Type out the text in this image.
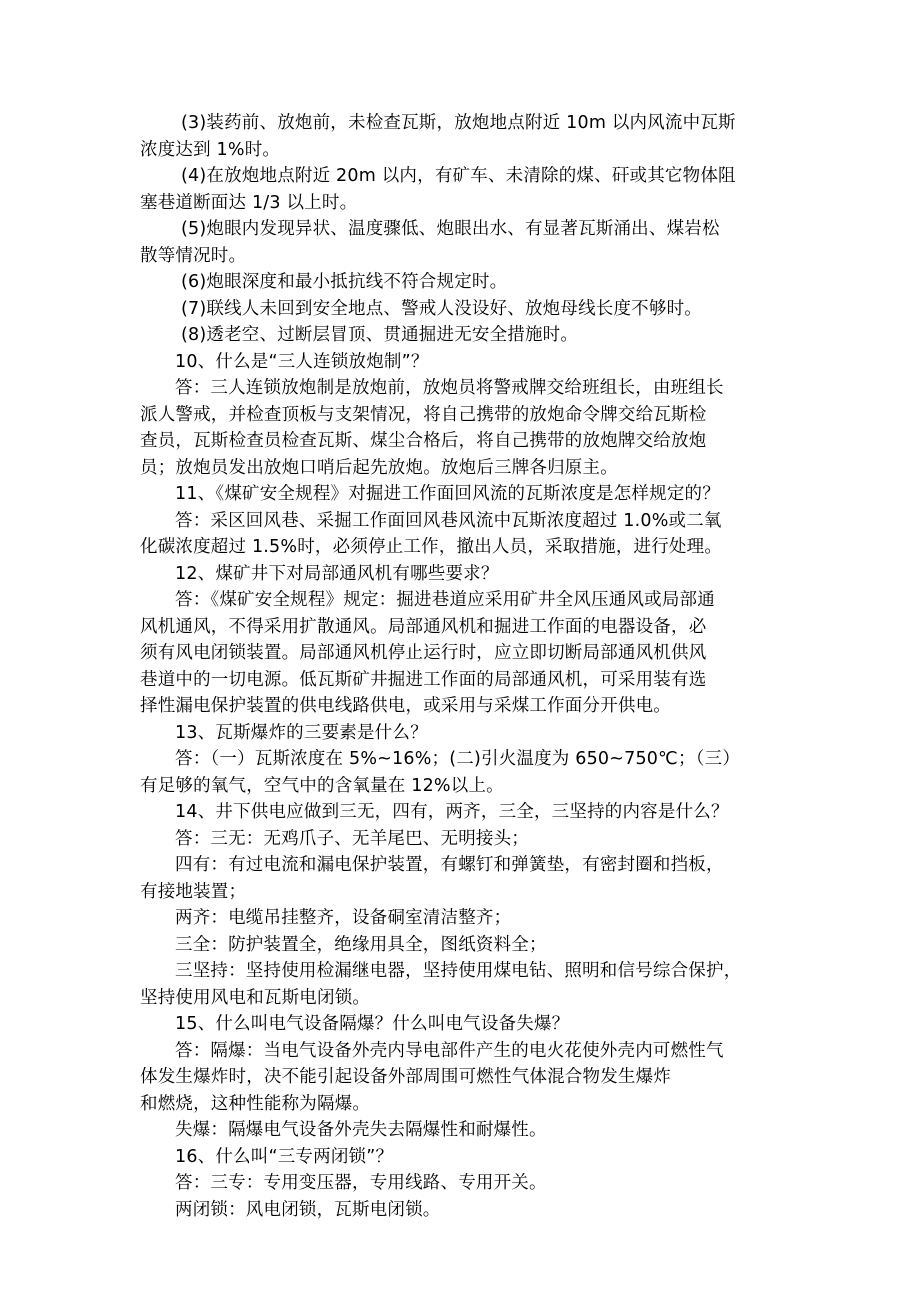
(3)装药前、放炮前，未检查瓦斯，放炮地点附近 10m 以内风流中瓦斯
浓度达到 1%时。
(4)在放炮地点附近 20m 以内，有矿车、未清除的煤、矸或其它物体阻
塞巷道断面达 1/3 以上时。
(5)炮眼内发现异状、温度骤低、炮眼出水、有显著瓦斯涌出、煤岩松
散等情况时。
(6)炮眼深度和最小抵抗线不符合规定时。
(7)联线人未回到安全地点、警戒人没设好、放炮母线长度不够时。
(8)透老空、过断层冒顶、贯通掘进无安全措施时。
10、什么是“三人连锁放炮制”？
答：三人连锁放炮制是放炮前，放炮员将警戒牌交给班组长，由班组长
派人警戒，并检查顶板与支架情况，将自己携带的放炮命令牌交给瓦斯检
查员，瓦斯检查员检查瓦斯、煤尘合格后，将自己携带的放炮牌交给放炮
员；放炮员发出放炮口哨后起先放炮。放炮后三牌各归原主。
11、《煤矿安全规程》对掘进工作面回风流的瓦斯浓度是怎样规定的？
答：采区回风巷、采掘工作面回风巷风流中瓦斯浓度超过 1.0%或二氧
化碳浓度超过 1.5%时，必须停止工作，撤出人员，采取措施，进行处理。
12、煤矿井下对局部通风机有哪些要求？
答：《煤矿安全规程》规定：掘进巷道应采用矿井全风压通风或局部通
风机通风，不得采用扩散通风。局部通风机和掘进工作面的电器设备，必
须有风电闭锁装置。局部通风机停止运行时，应立即切断局部通风机供风
巷道中的一切电源。低瓦斯矿井掘进工作面的局部通风机，可采用装有选
择性漏电保护装置的供电线路供电，或采用与采煤工作面分开供电。
13、瓦斯爆炸的三要素是什么？
答：（一）瓦斯浓度在 5%~16%；(二)引火温度为 650~750℃；（三）
有足够的氧气，空气中的含氧量在 12%以上。
14、井下供电应做到三无，四有，两齐，三全，三坚持的内容是什么？
答：三无：无鸡爪子、无羊尾巴、无明接头；
四有：有过电流和漏电保护装置，有螺钉和弹簧垫，有密封圈和挡板，
有接地装置；
两齐：电缆吊挂整齐，设备硐室清洁整齐；
三全：防护装置全，绝缘用具全，图纸资料全；
三坚持：坚持使用检漏继电器，坚持使用煤电钻、照明和信号综合保护，
坚持使用风电和瓦斯电闭锁。
15、什么叫电气设备隔爆？什么叫电气设备失爆？
答：隔爆：当电气设备外壳内导电部件产生的电火花使外壳内可燃性气
体发生爆炸时，决不能引起设备外部周围可燃性气体混合物发生爆炸
和燃烧，这种性能称为隔爆。
失爆：隔爆电气设备外壳失去隔爆性和耐爆性。
16、什么叫“三专两闭锁”？
答：三专：专用变压器，专用线路、专用开关。
两闭锁：风电闭锁，瓦斯电闭锁。
